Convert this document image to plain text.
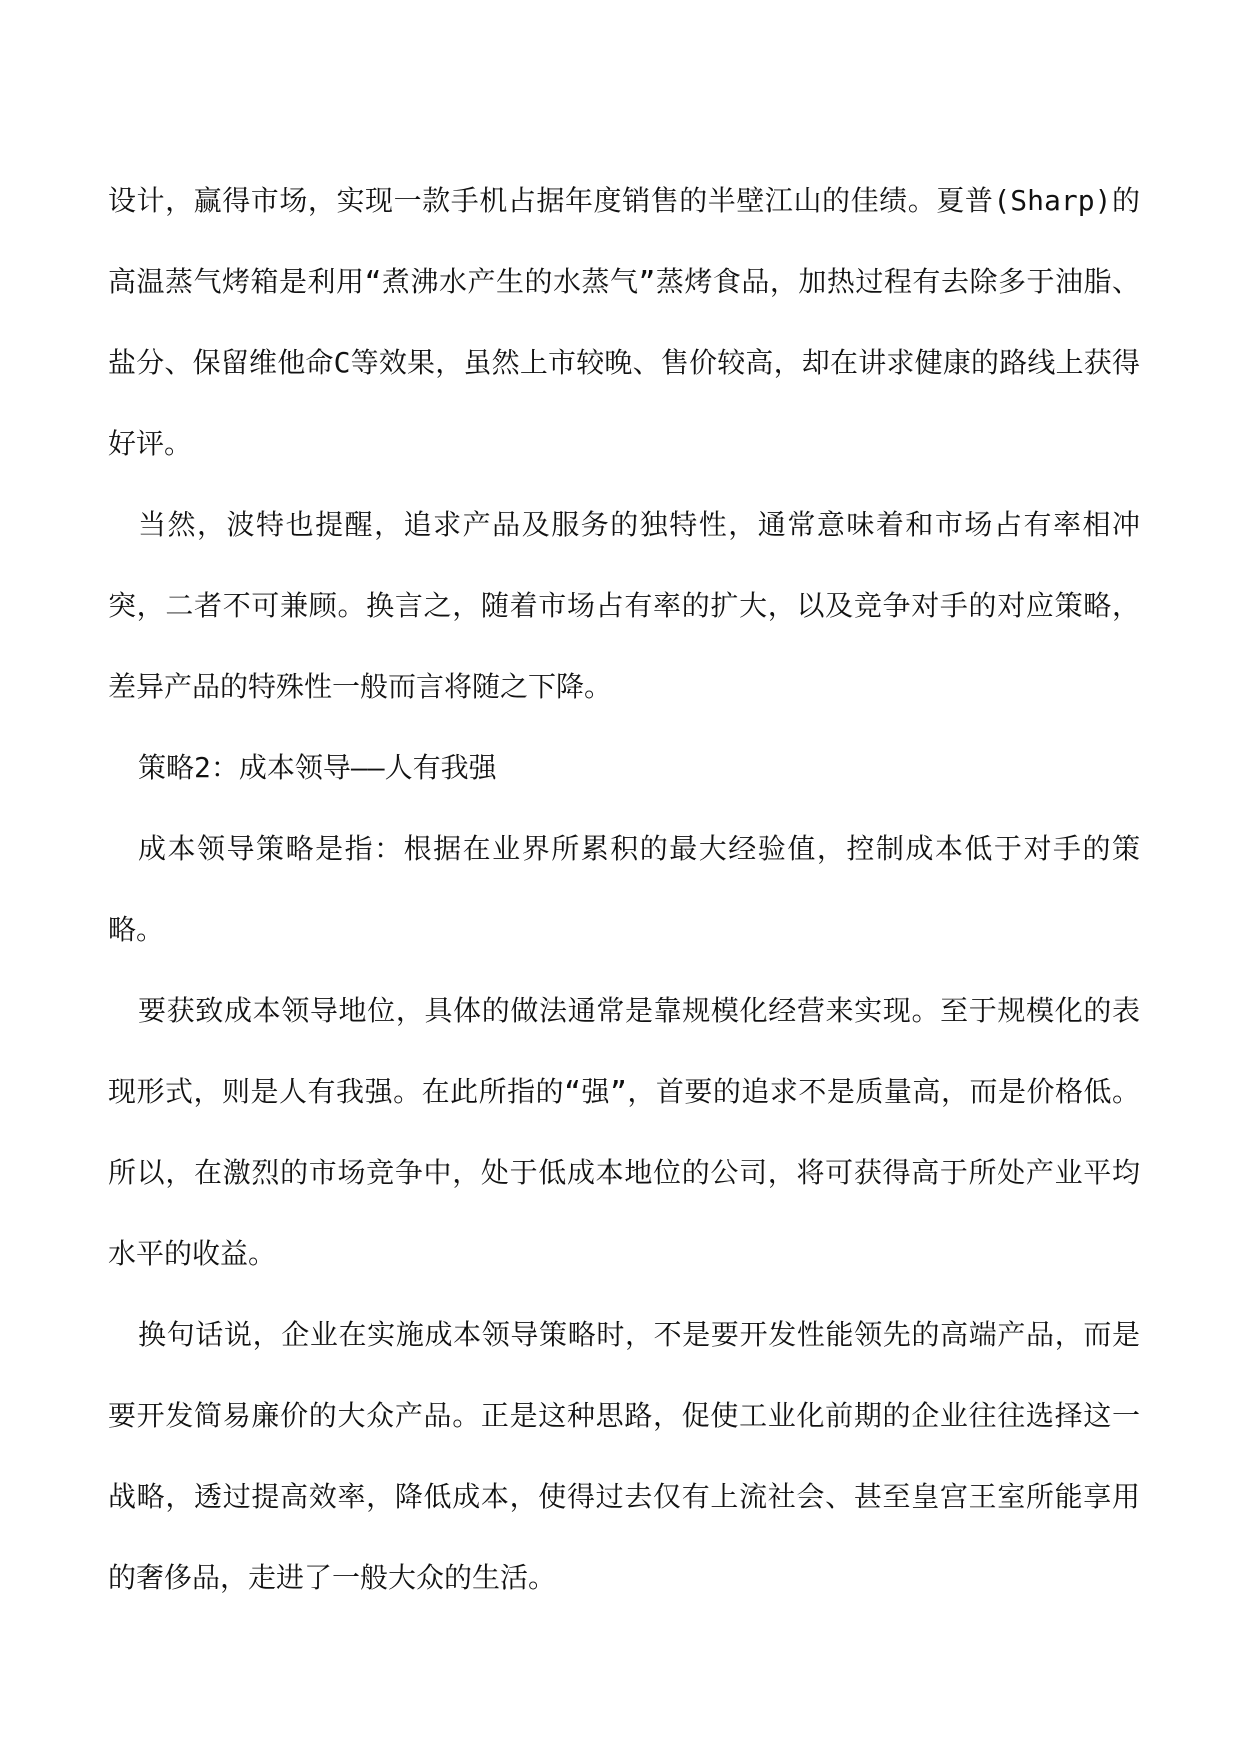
设计，赢得市场，实现一款手机占据年度销售的半壁江山的佳绩。夏普(Sharp)的高温蒸气烤箱是利用“煮沸水产生的水蒸气”蒸烤食品，加热过程有去除多于油脂、盐分、保留维他命C等效果，虽然上市较晚、售价较高，却在讲求健康的路线上获得好评。

当然，波特也提醒，追求产品及服务的独特性，通常意味着和市场占有率相冲突，二者不可兼顾。换言之，随着市场占有率的扩大，以及竞争对手的对应策略，差异产品的特殊性一般而言将随之下降。

策略2：成本领导——人有我强

成本领导策略是指：根据在业界所累积的最大经验值，控制成本低于对手的策略。

要获致成本领导地位，具体的做法通常是靠规模化经营来实现。至于规模化的表现形式，则是人有我强。在此所指的“强”，首要的追求不是质量高，而是价格低。所以，在激烈的市场竞争中，处于低成本地位的公司，将可获得高于所处产业平均水平的收益。

换句话说，企业在实施成本领导策略时，不是要开发性能领先的高端产品，而是要开发简易廉价的大众产品。正是这种思路，促使工业化前期的企业往往选择这一战略，透过提高效率，降低成本，使得过去仅有上流社会、甚至皇宫王室所能享用的奢侈品，走进了一般大众的生活。
